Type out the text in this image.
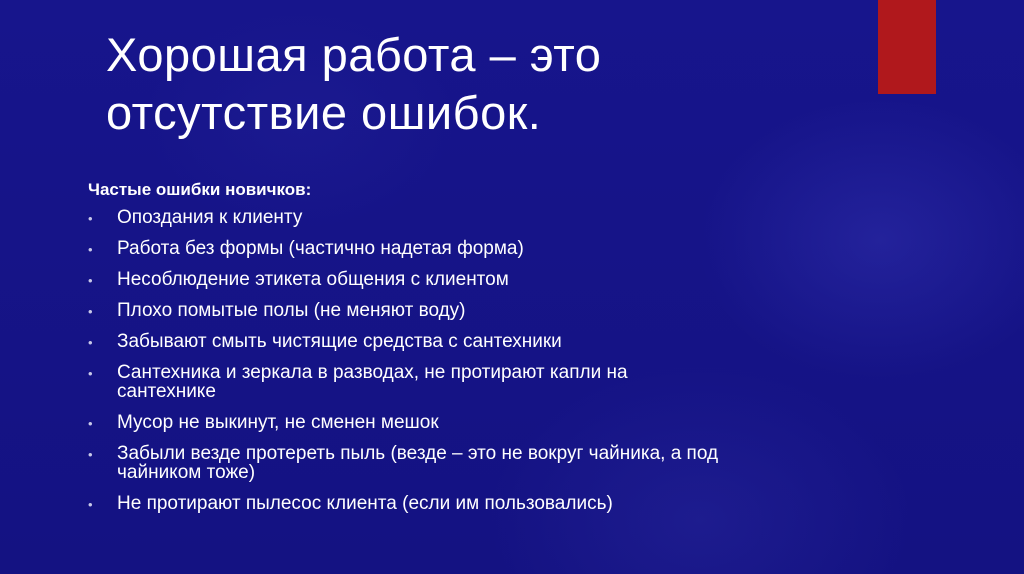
Хорошая работа – это
отсутствие ошибок.

Частые ошибки новичков:

• Опоздания к клиенту
• Работа без формы (частично надетая форма)
• Несоблюдение этикета общения с клиентом
• Плохо помытые полы (не меняют воду)
• Забывают смыть чистящие средства с сантехники
• Сантехника и зеркала в разводах, не протирают капли на
сантехнике
• Мусор не выкинут, не сменен мешок
• Забыли везде протереть пыль (везде – это не вокруг чайника, а под
чайником тоже)
• Не протирают пылесос клиента (если им пользовались)
